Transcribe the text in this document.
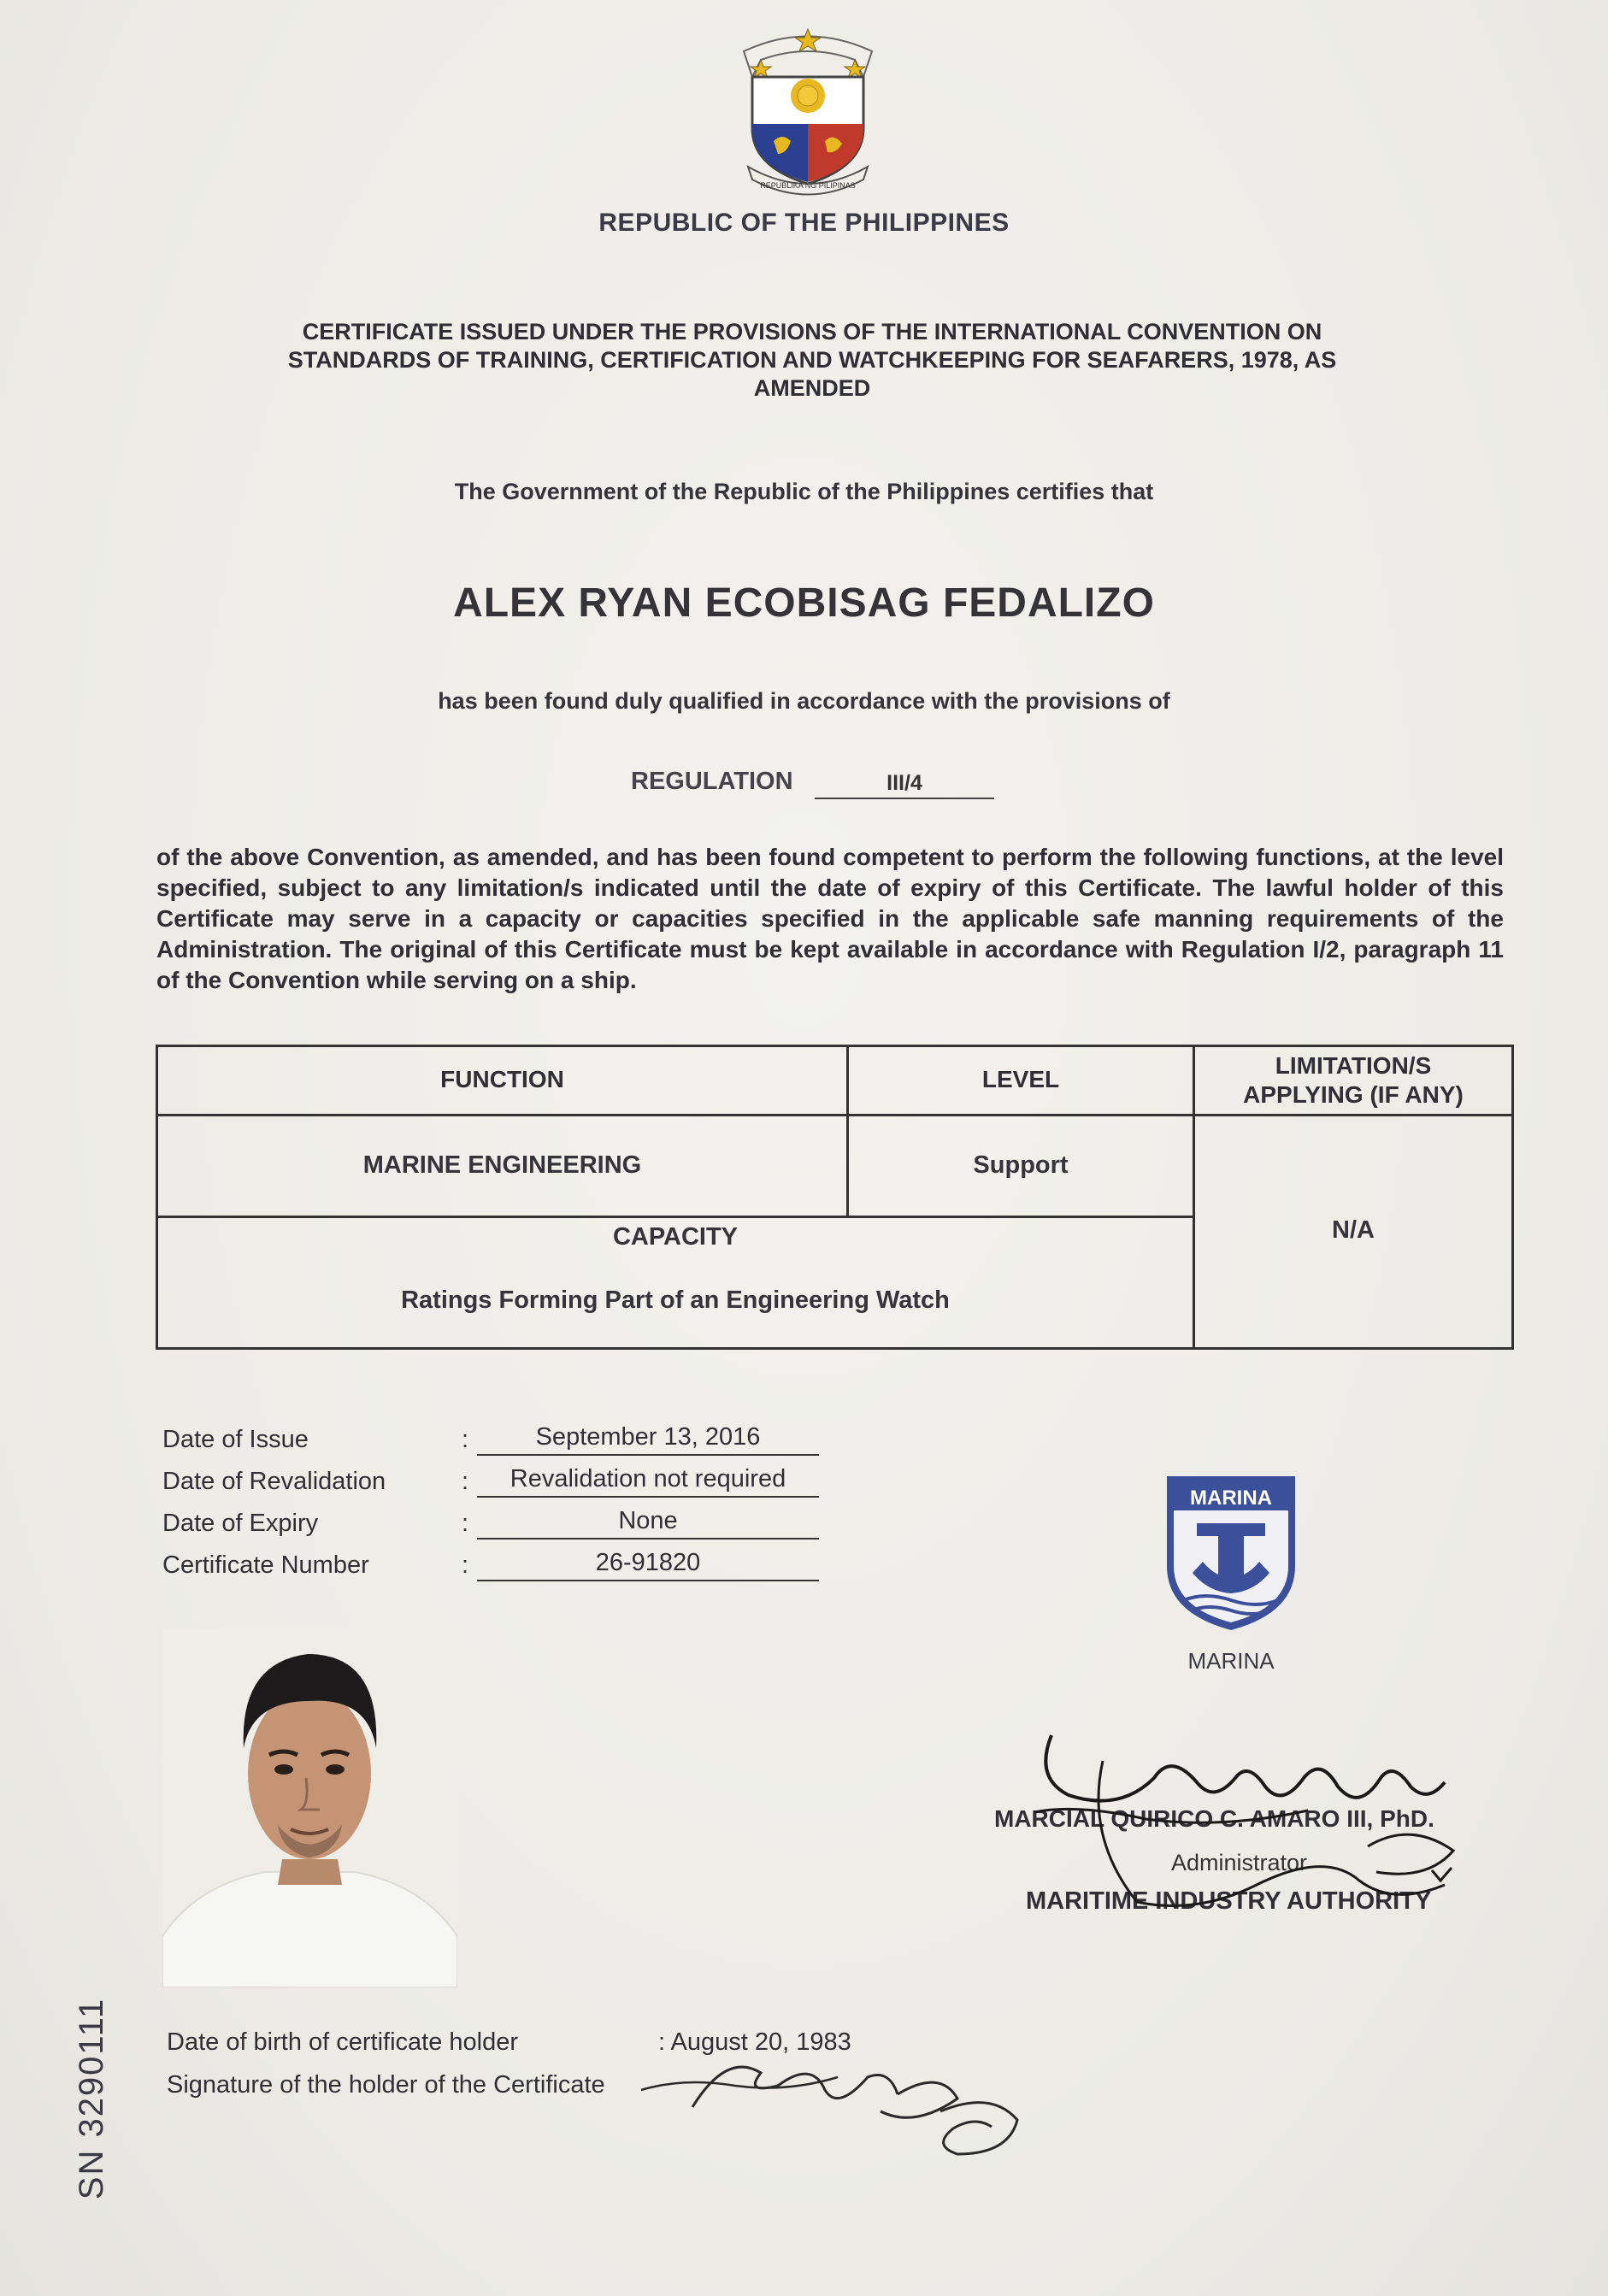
REPUBLIKA NG PILIPINAS
REPUBLIC OF THE PHILIPPINES
CERTIFICATE ISSUED UNDER THE PROVISIONS OF THE INTERNATIONAL CONVENTION ON STANDARDS OF TRAINING, CERTIFICATION AND WATCHKEEPING FOR SEAFARERS, 1978, AS AMENDED
The Government of the Republic of the Philippines certifies that
ALEX RYAN ECOBISAG FEDALIZO
has been found duly qualified in accordance with the provisions of
REGULATION	III/4
of the above Convention, as amended, and has been found competent to perform the following functions, at the level specified, subject to any limitation/s indicated until the date of expiry of this Certificate. The lawful holder of this Certificate may serve in a capacity or capacities specified in the applicable safe manning requirements of the Administration. The original of this Certificate must be kept available in accordance with Regulation I/2, paragraph 11 of the Convention while serving on a ship.
FUNCTION	LEVEL
LIMITATION/S
APPLYING (IF ANY)
MARINE ENGINEERING	Support
CAPACITY
Ratings Forming Part of an Engineering Watch
N/A
Date of Issue	:	September 13, 2016
Date of Revalidation	:	Revalidation not required
Date of Expiry	:	None
Certificate Number	:	26-91820
MARINA
MARINA
MARCIAL QUIRICO C. AMARO III, PhD.
Administrator
MARITIME INDUSTRY AUTHORITY
Date of birth of certificate holder	: August 20, 1983
Signature of the holder of the Certificate
SN 3290111
